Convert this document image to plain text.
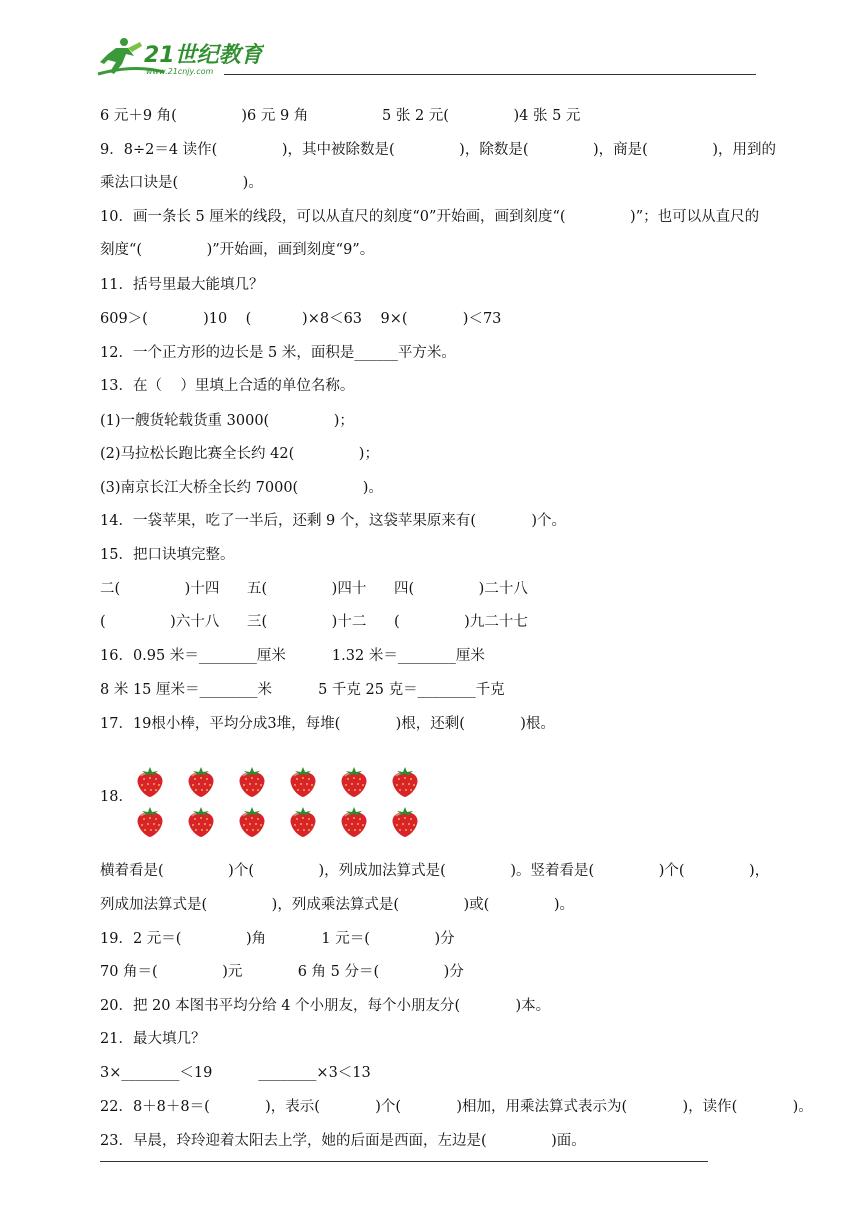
21世纪教育
www.21cnjy.com
6 元＋9 角(              )6 元 9 角                5 张 2 元(              )4 张 5 元
9．8÷2＝4 读作(              )，其中被除数是(              )，除数是(              )，商是(              )，用到的
乘法口诀是(              )。
10．画一条长 5 厘米的线段，可以从直尺的刻度“0”开始画，画到刻度“(              )”；也可以从直尺的
刻度“(              )”开始画，画到刻度“9”。
11．括号里最大能填几？
609＞(            )10    (           )×8＜63    9×(            )＜73
12．一个正方形的边长是 5 米，面积是______平方米。
13．在（    ）里填上合适的单位名称。
(1)一艘货轮载货重 3000(              )；
(2)马拉松长跑比赛全长约 42(              )；
(3)南京长江大桥全长约 7000(              )。
14．一袋苹果，吃了一半后，还剩 9 个，这袋苹果原来有(            )个。
15．把口诀填完整。
二(              )十四      五(              )四十      四(              )二十八
(              )六十八      三(              )十二      (              )九二十七
16．0.95 米＝________厘米          1.32 米＝________厘米
8 米 15 厘米＝________米          5 千克 25 克＝________千克
17．19根小棒，平均分成3堆，每堆(            )根，还剩(            )根。
横着看是(              )个(              )，列成加法算式是(              )。竖着看是(              )个(              )，
列成加法算式是(              )，列成乘法算式是(              )或(              )。
19．2 元＝(              )角            1 元＝(              )分
70 角＝(              )元            6 角 5 分＝(              )分
20．把 20 本图书平均分给 4 个小朋友，每个小朋友分(            )本。
21．最大填几？
3×________＜19          ________×3＜13
22．8＋8＋8＝(            )，表示(            )个(            )相加，用乘法算式表示为(            )，读作(            )。
23．早晨，玲玲迎着太阳去上学，她的后面是西面，左边是(              )面。
18．
